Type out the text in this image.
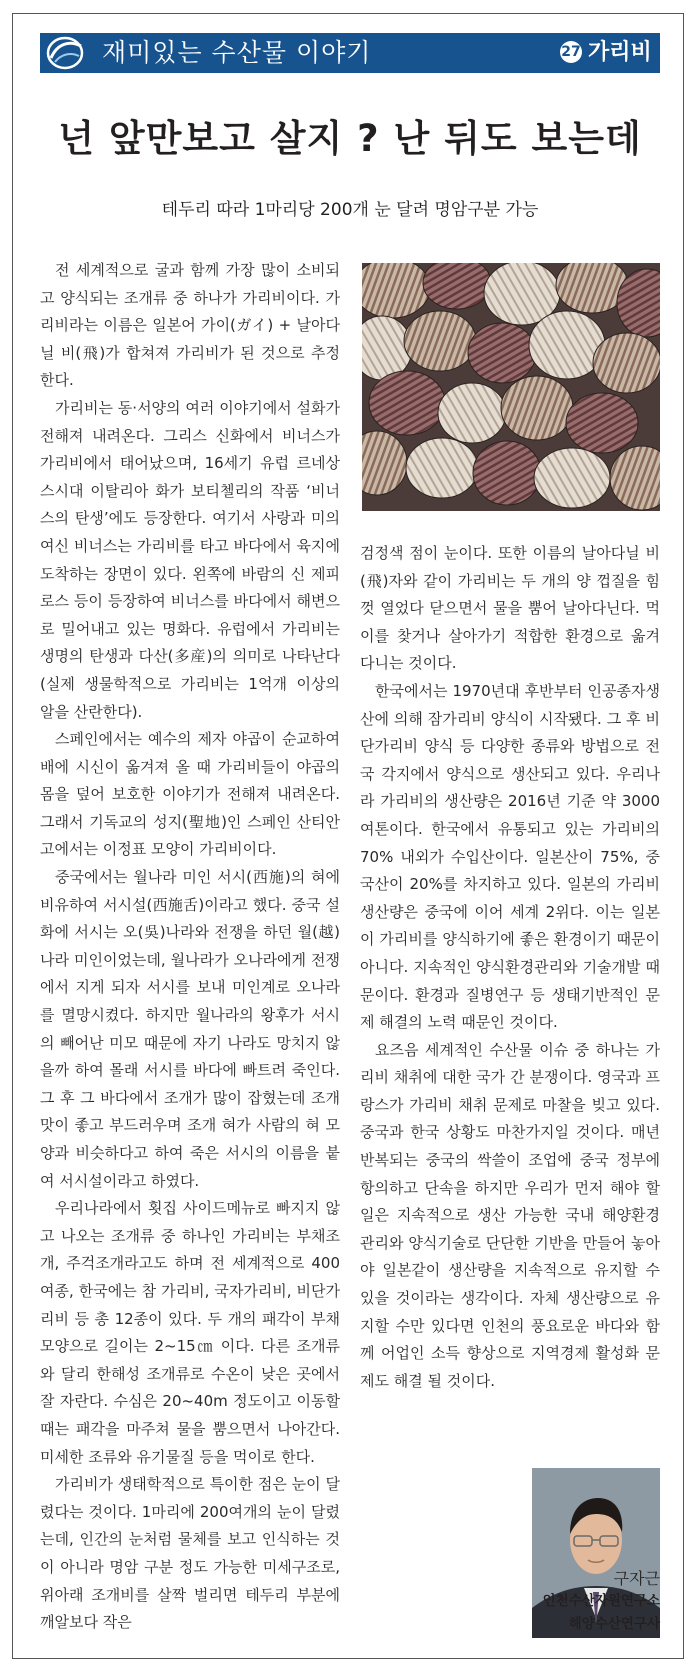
재미있는 수산물 이야기	27 가리비
넌 앞만보고 살지 ? 난 뒤도 보는데
테두리 따라 1마리당 200개 눈 달려 명암구분 가능

전 세계적으로 굴과 함께 가장 많이 소비되고 양식되는 조개류 중 하나가 가리비이다. 가리비라는 이름은 일본어 가이(ガイ) + 날아다닐 비(飛)가 합쳐져 가리비가 된 것으로 추정한다.

가리비는 동·서양의 여러 이야기에서 설화가 전해져 내려온다. 그리스 신화에서 비너스가 가리비에서 태어났으며, 16세기 유럽 르네상스시대 이탈리아 화가 보티첼리의 작품 ‘비너스의 탄생’에도 등장한다. 여기서 사랑과 미의 여신 비너스는 가리비를 타고 바다에서 육지에 도착하는 장면이 있다. 왼쪽에 바람의 신 제피로스 등이 등장하여 비너스를 바다에서 해변으로 밀어내고 있는 명화다. 유럽에서 가리비는 생명의 탄생과 다산(多産)의 의미로 나타난다(실제 생물학적으로 가리비는 1억개 이상의 알을 산란한다).

스페인에서는 예수의 제자 야곱이 순교하여 배에 시신이 옮겨져 올 때 가리비들이 야곱의 몸을 덮어 보호한 이야기가 전해져 내려온다. 그래서 기독교의 성지(聖地)인 스페인 산티안고에서는 이정표 모양이 가리비이다.

중국에서는 월나라 미인 서시(西施)의 혀에 비유하여 서시설(西施舌)이라고 했다. 중국 설화에 서시는 오(吳)나라와 전쟁을 하던 월(越)나라 미인이었는데, 월나라가 오나라에게 전쟁에서 지게 되자 서시를 보내 미인계로 오나라를 멸망시켰다. 하지만 월나라의 왕후가 서시의 빼어난 미모 때문에 자기 나라도 망치지 않을까 하여 몰래 서시를 바다에 빠트려 죽인다. 그 후 그 바다에서 조개가 많이 잡혔는데 조개 맛이 좋고 부드러우며 조개 혀가 사람의 혀 모양과 비슷하다고 하여 죽은 서시의 이름을 붙여 서시설이라고 하였다.

우리나라에서 횟집 사이드메뉴로 빠지지 않고 나오는 조개류 중 하나인 가리비는 부채조개, 주걱조개라고도 하며 전 세계적으로 400여종, 한국에는 참 가리비, 국자가리비, 비단가리비 등 총 12종이 있다. 두 개의 패각이 부채 모양으로 길이는 2~15㎝ 이다. 다른 조개류와 달리 한해성 조개류로 수온이 낮은 곳에서 잘 자란다. 수심은 20~40m 정도이고 이동할 때는 패각을 마주쳐 물을 뿜으면서 나아간다. 미세한 조류와 유기물질 등을 먹이로 한다.

가리비가 생태학적으로 특이한 점은 눈이 달렸다는 것이다. 1마리에 200여개의 눈이 달렸는데, 인간의 눈처럼 물체를 보고 인식하는 것이 아니라 명암 구분 정도 가능한 미세구조로, 위아래 조개비를 살짝 벌리면 테두리 부분에 깨알보다 작은

검정색 점이 눈이다. 또한 이름의 날아다닐 비(飛)자와 같이 가리비는 두 개의 양 껍질을 힘껏 열었다 닫으면서 물을 뿜어 날아다닌다. 먹이를 찾거나 살아가기 적합한 환경으로 옮겨 다니는 것이다.

한국에서는 1970년대 후반부터 인공종자생산에 의해 잠가리비 양식이 시작됐다. 그 후 비단가리비 양식 등 다양한 종류와 방법으로 전국 각지에서 양식으로 생산되고 있다. 우리나라 가리비의 생산량은 2016년 기준 약 3000여톤이다. 한국에서 유통되고 있는 가리비의 70% 내외가 수입산이다. 일본산이 75%, 중국산이 20%를 차지하고 있다. 일본의 가리비 생산량은 중국에 이어 세계 2위다. 이는 일본이 가리비를 양식하기에 좋은 환경이기 때문이 아니다. 지속적인 양식환경관리와 기술개발 때문이다. 환경과 질병연구 등 생태기반적인 문제 해결의 노력 때문인 것이다.

요즈음 세계적인 수산물 이슈 중 하나는 가리비 채취에 대한 국가 간 분쟁이다. 영국과 프랑스가 가리비 채취 문제로 마찰을 빚고 있다. 중국과 한국 상황도 마찬가지일 것이다. 매년 반복되는 중국의 싹쓸이 조업에 중국 정부에 항의하고 단속을 하지만 우리가 먼저 해야 할 일은 지속적으로 생산 가능한 국내 해양환경 관리와 양식기술로 단단한 기반을 만들어 놓아야 일본같이 생산량을 지속적으로 유지할 수 있을 것이라는 생각이다. 자체 생산량으로 유지할 수만 있다면 인천의 풍요로운 바다와 함께 어업인 소득 향상으로 지역경제 활성화 문제도 해결 될 것이다.

구자근
인천수산자원연구소
해양수산연구사
